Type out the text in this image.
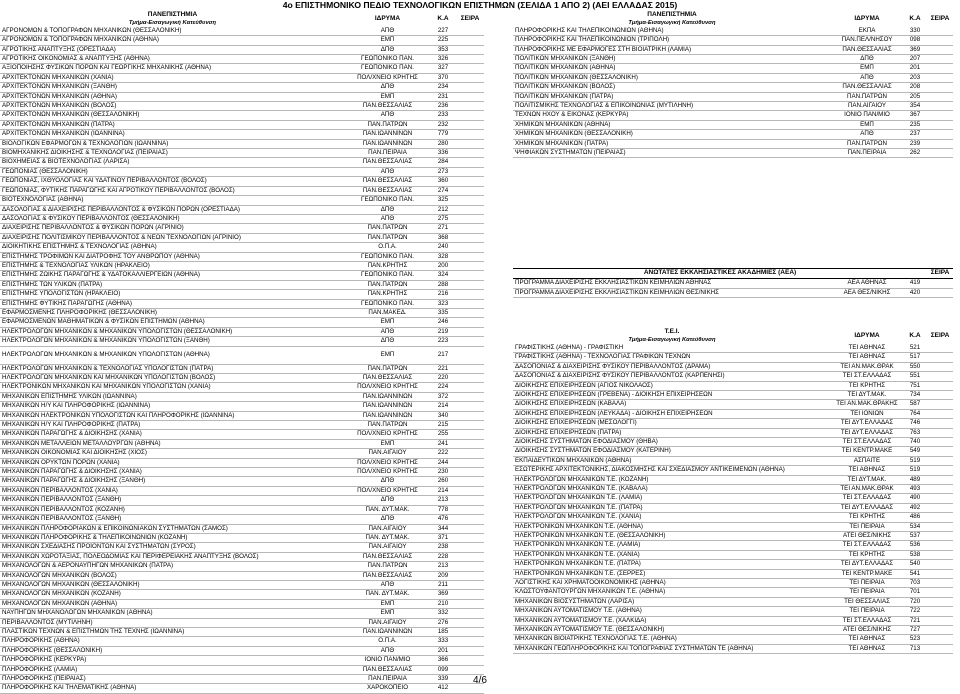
4ο ΕΠΙΣΤΗΜΟΝΙΚΟ ΠΕΔΙΟ ΤΕΧΝΟΛΟΓΙΚΩΝ ΕΠΙΣΤΗΜΩΝ (ΣΕΛΙΔΑ 1 ΑΠΟ 2) (ΑΕΙ ΕΛΛΑΔΑΣ 2015)
ΠΑΝΕΠΙΣΤΗΜΙΑ
Τμήμα-Εισαγωγική Κατεύθυνση	ΙΔΡΥΜΑ	Κ.Α	ΣΕΙΡΑ
ΑΓΡΟΝΟΜΩΝ & ΤΟΠΟΓΡΑΦΩΝ ΜΗΧΑΝΙΚΩΝ (ΘΕΣΣΑΛΟΝΙΚΗ)	ΑΠΘ	227	
ΑΓΡΟΝΟΜΩΝ & ΤΟΠΟΓΡΑΦΩΝ ΜΗΧΑΝΙΚΩΝ (ΑΘΗΝΑ)	ΕΜΠ	225	
ΑΓΡΟΤΙΚΗΣ ΑΝΑΠΤΥΞΗΣ (ΟΡΕΣΤΙΑΔΑ)	ΔΠΘ	353	
ΑΓΡΟΤΙΚΗΣ ΟΙΚΟΝΟΜΙΑΣ & ΑΝΑΠΤΥΞΗΣ (ΑΘΗΝΑ)	ΓΕΩΠΟΝΙΚΟ ΠΑΝ.	326	
ΑΞΙΟΠΟΙΗΣΗΣ ΦΥΣΙΚΩΝ ΠΟΡΩΝ ΚΑΙ ΓΕΩΡΓΙΚΗΣ ΜΗΧΑΝΙΚΗΣ (ΑΘΗΝΑ)	ΓΕΩΠΟΝΙΚΟ ΠΑΝ.	327	
ΑΡΧΙΤΕΚΤΟΝΩΝ ΜΗΧΑΝΙΚΩΝ (ΧΑΝΙΑ)	ΠΟΛ/ΧΝΕΙΟ ΚΡΗΤΗΣ	370	
ΑΡΧΙΤΕΚΤΟΝΩΝ ΜΗΧΑΝΙΚΩΝ (ΞΑΝΘΗ)	ΔΠΘ	234	
ΑΡΧΙΤΕΚΤΟΝΩΝ ΜΗΧΑΝΙΚΩΝ (ΑΘΗΝΑ)	ΕΜΠ	231	
ΑΡΧΙΤΕΚΤΟΝΩΝ ΜΗΧΑΝΙΚΩΝ (ΒΟΛΟΣ)	ΠΑΝ.ΘΕΣΣΑΛΙΑΣ	236	
ΑΡΧΙΤΕΚΤΟΝΩΝ ΜΗΧΑΝΙΚΩΝ (ΘΕΣΣΑΛΟΝΙΚΗ)	ΑΠΘ	233	
ΑΡΧΙΤΕΚΤΟΝΩΝ ΜΗΧΑΝΙΚΩΝ (ΠΑΤΡΑ)	ΠΑΝ.ΠΑΤΡΩΝ	232	
ΑΡΧΙΤΕΚΤΟΝΩΝ ΜΗΧΑΝΙΚΩΝ (ΙΩΑΝΝΙΝΑ)	ΠΑΝ.ΙΩΑΝΝΙΝΩΝ	779	
ΒΙΟΛΟΓΙΚΩΝ ΕΦΑΡΜΟΓΩΝ & ΤΕΧΝΟΛΟΓΙΩΝ (ΙΩΑΝΝΙΝΑ)	ΠΑΝ.ΙΩΑΝΝΙΝΩΝ	280	
ΒΙΟΜΗΧΑΝΙΚΗΣ ΔΙΟΙΚΗΣΗΣ & ΤΕΧΝΟΛΟΓΙΑΣ (ΠΕΙΡΑΙΑΣ)	ΠΑΝ.ΠΕΙΡΑΙΑ	336	
ΒΙΟΧΗΜΕΙΑΣ & ΒΙΟΤΕΧΝΟΛΟΓΙΑΣ (ΛΑΡΙΣΑ)	ΠΑΝ.ΘΕΣΣΑΛΙΑΣ	284	
ΓΕΩΠΟΝΙΑΣ (ΘΕΣΣΑΛΟΝΙΚΗ)	ΑΠΘ	273	
ΓΕΩΠΟΝΙΑΣ, ΙΧΘΥΟΛΟΓΙΑΣ ΚΑΙ ΥΔΑΤΙΝΟΥ ΠΕΡΙΒΑΛΛΟΝΤΟΣ (ΒΟΛΟΣ)	ΠΑΝ.ΘΕΣΣΑΛΙΑΣ	360	
ΓΕΩΠΟΝΙΑΣ, ΦΥΤΙΚΗΣ ΠΑΡΑΓΩΓΗΣ ΚΑΙ ΑΓΡΟΤΙΚΟΥ ΠΕΡΙΒΑΛΛΟΝΤΟΣ (ΒΟΛΟΣ)	ΠΑΝ.ΘΕΣΣΑΛΙΑΣ	274	
ΒΙΟΤΕΧΝΟΛΟΓΙΑΣ (ΑΘΗΝΑ)	ΓΕΩΠΟΝΙΚΟ ΠΑΝ.	325	
ΔΑΣΟΛΟΓΙΑΣ & ΔΙΑΧΕΙΡΙΣΗΣ ΠΕΡΙΒΑΛΛΟΝΤΟΣ & ΦΥΣΙΚΩΝ ΠΟΡΩΝ (ΟΡΕΣΤΙΑΔΑ)	ΔΠΘ	212	
ΔΑΣΟΛΟΓΙΑΣ & ΦΥΣΙΚΟΥ ΠΕΡΙΒΑΛΛΟΝΤΟΣ (ΘΕΣΣΑΛΟΝΙΚΗ)	ΑΠΘ	275	
ΔΙΑΧΕΙΡΙΣΗΣ ΠΕΡΙΒΑΛΛΟΝΤΟΣ & ΦΥΣΙΚΩΝ ΠΟΡΩΝ (ΑΓΡΙΝΙΟ)	ΠΑΝ.ΠΑΤΡΩΝ	271	
ΔΙΑΧΕΙΡΙΣΗΣ ΠΟΛΙΤΙΣΜΙΚΟΥ ΠΕΡΙΒΑΛΛΟΝΤΟΣ & ΝΕΩΝ ΤΕΧΝΟΛΟΓΙΩΝ (ΑΓΡΙΝΙΟ)	ΠΑΝ.ΠΑΤΡΩΝ	368	
ΔΙΟΙΚΗΤΙΚΗΣ ΕΠΙΣΤΗΜΗΣ & ΤΕΧΝΟΛΟΓΙΑΣ (ΑΘΗΝΑ)	Ο.Π.Α.	240	
ΕΠΙΣΤΗΜΗΣ ΤΡΟΦΙΜΩΝ ΚΑΙ ΔΙΑΤΡΟΦΗΣ ΤΟΥ ΑΝΘΡΩΠΟΥ (ΑΘΗΝΑ)	ΓΕΩΠΟΝΙΚΟ ΠΑΝ.	328	
ΕΠΙΣΤΗΜΗΣ & ΤΕΧΝΟΛΟΓΙΑΣ ΥΛΙΚΩΝ (ΗΡΑΚΛΕΙΟ)	ΠΑΝ.ΚΡΗΤΗΣ	200	
ΕΠΙΣΤΗΜΗΣ ΖΩΙΚΗΣ ΠΑΡΑΓΩΓΗΣ & ΥΔΑΤΟΚΑΛΛΙΕΡΓΕΙΩΝ (ΑΘΗΝΑ)	ΓΕΩΠΟΝΙΚΟ ΠΑΝ.	324	
ΕΠΙΣΤΗΜΗΣ ΤΩΝ ΥΛΙΚΩΝ (ΠΑΤΡΑ)	ΠΑΝ.ΠΑΤΡΩΝ	288	
ΕΠΙΣΤΗΜΗΣ ΥΠΟΛΟΓΙΣΤΩΝ (ΗΡΑΚΛΕΙΟ)	ΠΑΝ.ΚΡΗΤΗΣ	216	
ΕΠΙΣΤΗΜΗΣ ΦΥΤΙΚΗΣ ΠΑΡΑΓΩΓΗΣ (ΑΘΗΝΑ)	ΓΕΩΠΟΝΙΚΟ ΠΑΝ.	323	
ΕΦΑΡΜΟΣΜΕΝΗΣ ΠΛΗΡΟΦΟΡΙΚΗΣ (ΘΕΣΣΑΛΟΝΙΚΗ)	ΠΑΝ.ΜΑΚΕΔ.	335	
ΕΦΑΡΜΟΣΜΕΝΩΝ ΜΑΘΗΜΑΤΙΚΩΝ & ΦΥΣΙΚΩΝ ΕΠΙΣΤΗΜΩΝ (ΑΘΗΝΑ)	ΕΜΠ	246	
ΗΛΕΚΤΡΟΛΟΓΩΝ ΜΗΧΑΝΙΚΩΝ & ΜΗΧΑΝΙΚΩΝ ΥΠΟΛΟΓΙΣΤΩΝ (ΘΕΣΣΑΛΟΝΙΚΗ)	ΑΠΘ	219	
ΗΛΕΚΤΡΟΛΟΓΩΝ ΜΗΧΑΝΙΚΩΝ & ΜΗΧΑΝΙΚΩΝ ΥΠΟΛΟΓΙΣΤΩΝ (ΞΑΝΘΗ)	ΔΠΘ	223	
ΗΛΕΚΤΡΟΛΟΓΩΝ ΜΗΧΑΝΙΚΩΝ & ΜΗΧΑΝΙΚΩΝ ΥΠΟΛΟΓΙΣΤΩΝ (ΑΘΗΝΑ)	ΕΜΠ	217	
ΗΛΕΚΤΡΟΛΟΓΩΝ ΜΗΧΑΝΙΚΩΝ & ΤΕΧΝΟΛΟΓΙΑΣ ΥΠΟΛΟΓΙΣΤΩΝ (ΠΑΤΡΑ)	ΠΑΝ.ΠΑΤΡΩΝ	221	
ΗΛΕΚΤΡΟΛΟΓΩΝ ΜΗΧΑΝΙΚΩΝ ΚΑΙ ΜΗΧΑΝΙΚΩΝ ΥΠΟΛΟΓΙΣΤΩΝ (ΒΟΛΟΣ)	ΠΑΝ.ΘΕΣΣΑΛΙΑΣ	220	
ΗΛΕΚΤΡΟΝΙΚΩΝ ΜΗΧΑΝΙΚΩΝ ΚΑΙ ΜΗΧΑΝΙΚΩΝ ΥΠΟΛΟΓΙΣΤΩΝ (ΧΑΝΙΑ)	ΠΟΛ/ΧΝΕΙΟ ΚΡΗΤΗΣ	224	
ΜΗΧΑΝΙΚΩΝ ΕΠΙΣΤΗΜΗΣ ΥΛΙΚΩΝ (ΙΩΑΝΝΙΝΑ)	ΠΑΝ.ΙΩΑΝΝΙΝΩΝ	372	
ΜΗΧΑΝΙΚΩΝ Η/Υ ΚΑΙ ΠΛΗΡΟΦΟΡΙΚΗΣ (ΙΩΑΝΝΙΝΑ)	ΠΑΝ.ΙΩΑΝΝΙΝΩΝ	214	
ΜΗΧΑΝΙΚΩΝ ΗΛΕΚΤΡΟΝΙΚΩΝ ΥΠΟΛΟΓΙΣΤΩΝ ΚΑΙ ΠΛΗΡΟΦΟΡΙΚΗΣ (ΙΩΑΝΝΙΝΑ)	ΠΑΝ.ΙΩΑΝΝΙΝΩΝ	340	
ΜΗΧΑΝΙΚΩΝ Η/Υ ΚΑΙ ΠΛΗΡΟΦΟΡΙΚΗΣ (ΠΑΤΡΑ)	ΠΑΝ.ΠΑΤΡΩΝ	215	
ΜΗΧΑΝΙΚΩΝ ΠΑΡΑΓΩΓΗΣ & ΔΙΟΙΚΗΣΗΣ (ΧΑΝΙΑ)	ΠΟΛ/ΧΝΕΙΟ ΚΡΗΤΗΣ	255	
ΜΗΧΑΝΙΚΩΝ ΜΕΤΑΛΛΕΙΩΝ ΜΕΤΑΛΛΟΥΡΓΩΝ (ΑΘΗΝΑ)	ΕΜΠ	241	
ΜΗΧΑΝΙΚΩΝ ΟΙΚΟΝΟΜΙΑΣ ΚΑΙ ΔΙΟΙΚΗΣΗΣ (ΧΙΟΣ)	ΠΑΝ.ΑΙΓΑΙΟΥ	222	
ΜΗΧΑΝΙΚΩΝ ΟΡΥΚΤΩΝ ΠΟΡΩΝ (ΧΑΝΙΑ)	ΠΟΛ/ΧΝΕΙΟ ΚΡΗΤΗΣ	244	
ΜΗΧΑΝΙΚΩΝ ΠΑΡΑΓΩΓΗΣ & ΔΙΟΙΚΗΣΗΣ (ΧΑΝΙΑ)	ΠΟΛ/ΧΝΕΙΟ ΚΡΗΤΗΣ	230	
ΜΗΧΑΝΙΚΩΝ ΠΑΡΑΓΩΓΗΣ & ΔΙΟΙΚΗΣΗΣ (ΞΑΝΘΗ)	ΔΠΘ	260	
ΜΗΧΑΝΙΚΩΝ ΠΕΡΙΒΑΛΛΟΝΤΟΣ (ΧΑΝΙΑ)	ΠΟΛ/ΧΝΕΙΟ ΚΡΗΤΗΣ	214	
ΜΗΧΑΝΙΚΩΝ ΠΕΡΙΒΑΛΛΟΝΤΟΣ (ΞΑΝΘΗ)	ΔΠΘ	213	
ΜΗΧΑΝΙΚΩΝ ΠΕΡΙΒΑΛΛΟΝΤΟΣ (ΚΟΖΑΝΗ)	ΠΑΝ. ΔΥΤ.ΜΑΚ.	778	
ΜΗΧΑΝΙΚΩΝ ΠΕΡΙΒΑΛΛΟΝΤΟΣ (ΞΑΝΘΗ)	ΔΠΘ	476	
ΜΗΧΑΝΙΚΩΝ ΠΛΗΡΟΦΟΡΙΑΚΩΝ & ΕΠΙΚΟΙΝΩΝΙΑΚΩΝ ΣΥΣΤΗΜΑΤΩΝ (ΣΑΜΟΣ)	ΠΑΝ.ΑΙΓΑΙΟΥ	344	
ΜΗΧΑΝΙΚΩΝ ΠΛΗΡΟΦΟΡΙΚΗΣ & ΤΗΛΕΠΙΚΟΙΝΩΝΙΩΝ (ΚΟΖΑΝΗ)	ΠΑΝ. ΔΥΤ.ΜΑΚ.	371	
ΜΗΧΑΝΙΚΩΝ ΣΧΕΔΙΑΣΗΣ ΠΡΟΪΟΝΤΩΝ ΚΑΙ ΣΥΣΤΗΜΑΤΩΝ (ΣΥΡΟΣ)	ΠΑΝ.ΑΙΓΑΙΟΥ	238	
ΜΗΧΑΝΙΚΩΝ ΧΩΡΟΤΑΞΙΑΣ, ΠΟΛΕΟΔΟΜΙΑΣ ΚΑΙ ΠΕΡΙΦΕΡΕΙΑΚΗΣ ΑΝΑΠΤΥΞΗΣ (ΒΟΛΟΣ)	ΠΑΝ.ΘΕΣΣΑΛΙΑΣ	228	
ΜΗΧΑΝΟΛΟΓΩΝ & ΑΕΡΟΝΑΥΠΗΓΩΝ ΜΗΧΑΝΙΚΩΝ (ΠΑΤΡΑ)	ΠΑΝ.ΠΑΤΡΩΝ	213	
ΜΗΧΑΝΟΛΟΓΩΝ ΜΗΧΑΝΙΚΩΝ (ΒΟΛΟΣ)	ΠΑΝ.ΘΕΣΣΑΛΙΑΣ	209	
ΜΗΧΑΝΟΛΟΓΩΝ ΜΗΧΑΝΙΚΩΝ (ΘΕΣΣΑΛΟΝΙΚΗ)	ΑΠΘ	211	
ΜΗΧΑΝΟΛΟΓΩΝ ΜΗΧΑΝΙΚΩΝ (ΚΟΖΑΝΗ)	ΠΑΝ. ΔΥΤ.ΜΑΚ.	369	
ΜΗΧΑΝΟΛΟΓΩΝ ΜΗΧΑΝΙΚΩΝ (ΑΘΗΝΑ)	ΕΜΠ	210	
ΝΑΥΠΗΓΩΝ ΜΗΧΑΝΟΛΟΓΩΝ ΜΗΧΑΝΙΚΩΝ (ΑΘΗΝΑ)	ΕΜΠ	332	
ΠΕΡΙΒΑΛΛΟΝΤΟΣ (ΜΥΤΙΛΗΝΗ)	ΠΑΝ.ΑΙΓΑΙΟΥ	276	
ΠΛΑΣΤΙΚΩΝ ΤΕΧΝΩΝ & ΕΠΙΣΤΗΜΩΝ ΤΗΣ ΤΕΧΝΗΣ (ΙΩΑΝΝΙΝΑ)	ΠΑΝ.ΙΩΑΝΝΙΝΩΝ	185	
ΠΛΗΡΟΦΟΡΙΚΗΣ (ΑΘΗΝΑ)	Ο.Π.Α.	333	
ΠΛΗΡΟΦΟΡΙΚΗΣ (ΘΕΣΣΑΛΟΝΙΚΗ)	ΑΠΘ	201	
ΠΛΗΡΟΦΟΡΙΚΗΣ (ΚΕΡΚΥΡΑ)	ΙΟΝΙΟ ΠΑΝ/ΜΙΟ	366	
ΠΛΗΡΟΦΟΡΙΚΗΣ (ΛΑΜΙΑ)	ΠΑΝ.ΘΕΣΣΑΛΙΑΣ	099	
ΠΛΗΡΟΦΟΡΙΚΗΣ (ΠΕΙΡΑΙΑΣ)	ΠΑΝ.ΠΕΙΡΑΙΑ	339	
ΠΛΗΡΟΦΟΡΙΚΗΣ ΚΑΙ ΤΗΛΕΜΑΤΙΚΗΣ (ΑΘΗΝΑ)	ΧΑΡΟΚΟΠΕΙΟ	412	
ΠΑΝΕΠΙΣΤΗΜΙΑ
Τμήμα-Εισαγωγική Κατεύθυνση	ΙΔΡΥΜΑ	Κ.Α	ΣΕΙΡΑ
ΠΛΗΡΟΦΟΡΙΚΗΣ ΚΑΙ ΤΗΛΕΠΙΚΟΙΝΩΝΙΩΝ (ΑΘΗΝΑ)	ΕΚΠΑ	330	
ΠΛΗΡΟΦΟΡΙΚΗΣ ΚΑΙ ΤΗΛΕΠΙΚΟΙΝΩΝΙΩΝ (ΤΡΙΠΟΛΗ)	ΠΑΝ.ΠΕΛ/ΝΗΣΟΥ	098	
ΠΛΗΡΟΦΟΡΙΚΗΣ ΜΕ ΕΦΑΡΜΟΓΕΣ ΣΤΗ ΒΙΟΙΑΤΡΙΚΗ (ΛΑΜΙΑ)	ΠΑΝ.ΘΕΣΣΑΛΙΑΣ	369	
ΠΟΛΙΤΙΚΩΝ ΜΗΧΑΝΙΚΩΝ (ΞΑΝΘΗ)	ΔΠΘ	207	
ΠΟΛΙΤΙΚΩΝ ΜΗΧΑΝΙΚΩΝ (ΑΘΗΝΑ)	ΕΜΠ	201	
ΠΟΛΙΤΙΚΩΝ ΜΗΧΑΝΙΚΩΝ (ΘΕΣΣΑΛΟΝΙΚΗ)	ΑΠΘ	203	
ΠΟΛΙΤΙΚΩΝ ΜΗΧΑΝΙΚΩΝ (ΒΟΛΟΣ)	ΠΑΝ.ΘΕΣΣΑΛΙΑΣ	208	
ΠΟΛΙΤΙΚΩΝ ΜΗΧΑΝΙΚΩΝ (ΠΑΤΡΑ)	ΠΑΝ.ΠΑΤΡΩΝ	205	
ΠΟΛΙΤΙΣΜΙΚΗΣ ΤΕΧΝΟΛΟΓΙΑΣ & ΕΠΙΚΟΙΝΩΝΙΑΣ (ΜΥΤΙΛΗΝΗ)	ΠΑΝ.ΑΙΓΑΙΟΥ	354	
ΤΕΧΝΩΝ ΗΧΟΥ & ΕΙΚΟΝΑΣ (ΚΕΡΚΥΡΑ)	ΙΟΝΙΟ ΠΑΝ/ΜΙΟ	367	
ΧΗΜΙΚΩΝ ΜΗΧΑΝΙΚΩΝ (ΑΘΗΝΑ)	ΕΜΠ	235	
ΧΗΜΙΚΩΝ ΜΗΧΑΝΙΚΩΝ (ΘΕΣΣΑΛΟΝΙΚΗ)	ΑΠΘ	237	
ΧΗΜΙΚΩΝ ΜΗΧΑΝΙΚΩΝ (ΠΑΤΡΑ)	ΠΑΝ.ΠΑΤΡΩΝ	239	
ΨΗΦΙΑΚΩΝ ΣΥΣΤΗΜΑΤΩΝ (ΠΕΙΡΑΙΑΣ)	ΠΑΝ.ΠΕΙΡΑΙΑ	262	
ΑΝΩΤΑΤΕΣ ΕΚΚΛΗΣΙΑΣΤΙΚΕΣ ΑΚΑΔΗΜΙΕΣ (ΑΕΑ)			ΣΕΙΡΑ
ΠΡΟΓΡΑΜΜΑ ΔΙΑΧΕΙΡΙΣΗΣ ΕΚΚΛΗΣΙΑΣΤΙΚΩΝ ΚΕΙΜΗΛΙΩΝ ΑΘΗΝΑΣ	ΑΕΑ ΑΘΗΝΑΣ	419	
ΠΡΟΓΡΑΜΜΑ ΔΙΑΧΕΙΡΙΣΗΣ ΕΚΚΛΗΣΙΑΣΤΙΚΩΝ ΚΕΙΜΗΛΙΩΝ ΘΕΣ/ΝΙΚΗΣ	ΑΕΑ ΘΕΣ/ΝΙΚΗΣ	420	
Τ.Ε.Ι.
Τμήμα-Εισαγωγική Κατεύθυνση	ΙΔΡΥΜΑ	Κ.Α	ΣΕΙΡΑ
ΓΡΑΦΙΣΤΙΚΗΣ (ΑΘΗΝΑ) - ΓΡΑΦΙΣΤΙΚΗ	ΤΕΙ ΑΘΗΝΑΣ	521	
ΓΡΑΦΙΣΤΙΚΗΣ (ΑΘΗΝΑ) - ΤΕΧΝΟΛΟΓΙΑΣ ΓΡΑΦΙΚΩΝ ΤΕΧΝΩΝ	ΤΕΙ ΑΘΗΝΑΣ	517	
ΔΑΣΟΠΟΝΙΑΣ & ΔΙΑΧΕΙΡΙΣΗΣ ΦΥΣΙΚΟΥ ΠΕΡΙΒΑΛΛΟΝΤΟΣ (ΔΡΑΜΑ)	ΤΕΙ ΑΝ.ΜΑΚ.ΘΡΑΚ	550	
ΔΑΣΟΠΟΝΙΑΣ & ΔΙΑΧΕΙΡΙΣΗΣ ΦΥΣΙΚΟΥ ΠΕΡΙΒΑΛΛΟΝΤΟΣ (ΚΑΡΠΕΝΗΣΙ)	ΤΕΙ ΣΤ.ΕΛΛΑΔΑΣ	551	
ΔΙΟΙΚΗΣΗΣ ΕΠΙΧΕΙΡΗΣΕΩΝ (ΑΓΙΟΣ ΝΙΚΟΛΑΟΣ)	ΤΕΙ ΚΡΗΤΗΣ	751	
ΔΙΟΙΚΗΣΗΣ ΕΠΙΧΕΙΡΗΣΕΩΝ (ΓΡΕΒΕΝΑ) - ΔΙΟΙΚΗΣΗ ΕΠΙΧΕΙΡΗΣΕΩΝ	ΤΕΙ ΔΥΤ.ΜΑΚ.	734	
ΔΙΟΙΚΗΣΗΣ ΕΠΙΧΕΙΡΗΣΕΩΝ (ΚΑΒΑΛΑ)	ΤΕΙ ΑΝ.ΜΑΚ.ΘΡΑΚΗΣ	587	
ΔΙΟΙΚΗΣΗΣ ΕΠΙΧΕΙΡΗΣΕΩΝ (ΛΕΥΚΑΔΑ) - ΔΙΟΙΚΗΣΗ ΕΠΙΧΕΙΡΗΣΕΩΝ	ΤΕΙ ΙΟΝΙΩΝ	764	
ΔΙΟΙΚΗΣΗΣ ΕΠΙΧΕΙΡΗΣΕΩΝ (ΜΕΣΟΛΟΓΓΙ)	ΤΕΙ ΔΥΤ.ΕΛΛΑΔΑΣ	746	
ΔΙΟΙΚΗΣΗΣ ΕΠΙΧΕΙΡΗΣΕΩΝ (ΠΑΤΡΑ)	ΤΕΙ ΔΥΤ.ΕΛΛΑΔΑΣ	763	
ΔΙΟΙΚΗΣΗΣ ΣΥΣΤΗΜΑΤΩΝ ΕΦΟΔΙΑΣΜΟΥ (ΘΗΒΑ)	ΤΕΙ ΣΤ.ΕΛΛΑΔΑΣ	740	
ΔΙΟΙΚΗΣΗΣ ΣΥΣΤΗΜΑΤΩΝ ΕΦΟΔΙΑΣΜΟΥ (ΚΑΤΕΡΙΝΗ)	ΤΕΙ ΚΕΝΤΡ.ΜΑΚΕ	549	
ΕΚΠΑΙΔΕΥΤΙΚΩΝ ΜΗΧΑΝΙΚΩΝ (ΑΘΗΝΑ)	ΑΣΠΑΙΤΕ	519	
ΕΣΩΤΕΡΙΚΗΣ ΑΡΧΙΤΕΚΤΟΝΙΚΗΣ, ΔΙΑΚΟΣΜΗΣΗΣ ΚΑΙ ΣΧΕΔΙΑΣΜΟΥ ΑΝΤΙΚΕΙΜΕΝΩΝ (ΑΘΗΝΑ)	ΤΕΙ ΑΘΗΝΑΣ	519	
ΗΛΕΚΤΡΟΛΟΓΩΝ ΜΗΧΑΝΙΚΩΝ Τ.Ε. (ΚΟΖΑΝΗ)	ΤΕΙ ΔΥΤ.ΜΑΚ.	489	
ΗΛΕΚΤΡΟΛΟΓΩΝ ΜΗΧΑΝΙΚΩΝ Τ.Ε. (ΚΑΒΑΛΑ)	ΤΕΙ ΑΝ.ΜΑΚ.ΘΡΑΚ	493	
ΗΛΕΚΤΡΟΛΟΓΩΝ ΜΗΧΑΝΙΚΩΝ Τ.Ε. (ΛΑΜΙΑ)	ΤΕΙ ΣΤ.ΕΛΛΑΔΑΣ	490	
ΗΛΕΚΤΡΟΛΟΓΩΝ ΜΗΧΑΝΙΚΩΝ Τ.Ε. (ΠΑΤΡΑ)	ΤΕΙ ΔΥΤ.ΕΛΛΑΔΑΣ	492	
ΗΛΕΚΤΡΟΛΟΓΩΝ ΜΗΧΑΝΙΚΩΝ Τ.Ε. (ΧΑΝΙΑ)	ΤΕΙ ΚΡΗΤΗΣ	486	
ΗΛΕΚΤΡΟΝΙΚΩΝ ΜΗΧΑΝΙΚΩΝ Τ.Ε. (ΑΘΗΝΑ)	ΤΕΙ ΠΕΙΡΑΙΑ	534	
ΗΛΕΚΤΡΟΝΙΚΩΝ ΜΗΧΑΝΙΚΩΝ Τ.Ε. (ΘΕΣΣΑΛΟΝΙΚΗ)	ΑΤΕΙ ΘΕΣ/ΝΙΚΗΣ	537	
ΗΛΕΚΤΡΟΝΙΚΩΝ ΜΗΧΑΝΙΚΩΝ Τ.Ε. (ΛΑΜΙΑ)	ΤΕΙ ΣΤ.ΕΛΛΑΔΑΣ	536	
ΗΛΕΚΤΡΟΝΙΚΩΝ ΜΗΧΑΝΙΚΩΝ Τ.Ε. (ΧΑΝΙΑ)	ΤΕΙ ΚΡΗΤΗΣ	538	
ΗΛΕΚΤΡΟΝΙΚΩΝ ΜΗΧΑΝΙΚΩΝ Τ.Ε. (ΠΑΤΡΑ)	ΤΕΙ ΔΥΤ.ΕΛΛΑΔΑΣ	540	
ΗΛΕΚΤΡΟΝΙΚΩΝ ΜΗΧΑΝΙΚΩΝ Τ.Ε. (ΣΕΡΡΕΣ)	ΤΕΙ ΚΕΝΤΡ.ΜΑΚΕ	541	
ΛΟΓΙΣΤΙΚΗΣ ΚΑΙ ΧΡΗΜΑΤΟΟΙΚΟΝΟΜΙΚΗΣ (ΑΘΗΝΑ)	ΤΕΙ ΠΕΙΡΑΙΑ	703	
ΚΛΩΣΤΟΥΦΑΝΤΟΥΡΓΩΝ ΜΗΧΑΝΙΚΩΝ Τ.Ε. (ΑΘΗΝΑ)	ΤΕΙ ΠΕΙΡΑΙΑ	701	
ΜΗΧΑΝΙΚΩΝ ΒΙΟΣΥΣΤΗΜΑΤΩΝ (ΛΑΡΙΣΑ)	ΤΕΙ ΘΕΣΣΑΛΙΑΣ	720	
ΜΗΧΑΝΙΚΩΝ ΑΥΤΟΜΑΤΙΣΜΟΥ Τ.Ε. (ΑΘΗΝΑ)	ΤΕΙ ΠΕΙΡΑΙΑ	722	
ΜΗΧΑΝΙΚΩΝ ΑΥΤΟΜΑΤΙΣΜΟΥ Τ.Ε. (ΧΑΛΚΙΔΑ)	ΤΕΙ ΣΤ.ΕΛΛΑΔΑΣ	721	
ΜΗΧΑΝΙΚΩΝ ΑΥΤΟΜΑΤΙΣΜΟΥ Τ.Ε. (ΘΕΣΣΑΛΟΝΙΚΗ)	ΑΤΕΙ ΘΕΣ/ΝΙΚΗΣ	727	
ΜΗΧΑΝΙΚΩΝ ΒΙΟΙΑΤΡΙΚΗΣ ΤΕΧΝΟΛΟΓΙΑΣ Τ.Ε. (ΑΘΗΝΑ)	ΤΕΙ ΑΘΗΝΑΣ	523	
ΜΗΧΑΝΙΚΩΝ ΓΕΩΠΛΗΡΟΦΟΡΙΚΗΣ ΚΑΙ ΤΟΠΟΓΡΑΦΙΑΣ ΣΥΣΤΗΜΑΤΩΝ ΤΕ (ΑΘΗΝΑ)	ΤΕΙ ΑΘΗΝΑΣ	713	
4/6
